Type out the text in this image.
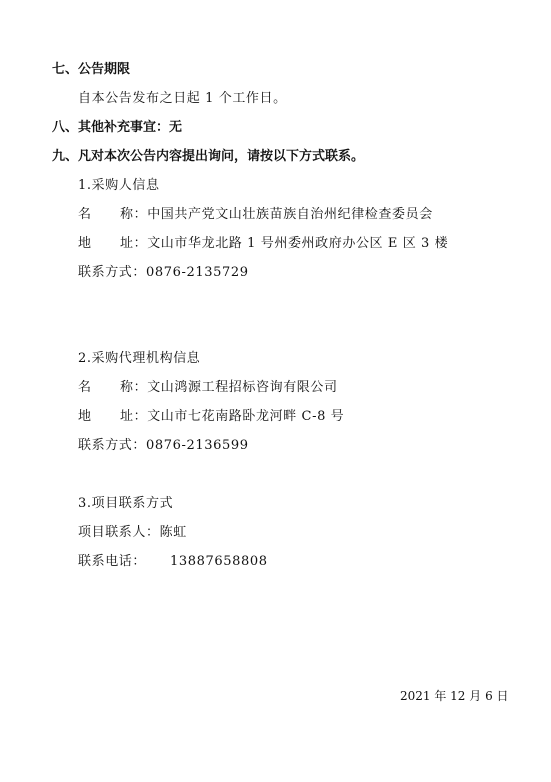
七、公告期限
自本公告发布之日起 1 个工作日。
八、其他补充事宜：无
九、凡对本次公告内容提出询问，请按以下方式联系。
1.采购人信息
名 称：中国共产党文山壮族苗族自治州纪律检查委员会
地 址：文山市华龙北路 1 号州委州政府办公区 E 区 3 楼
联系方式：0876-2135729
2.采购代理机构信息
名 称：文山鸿源工程招标咨询有限公司
地 址：文山市七花南路卧龙河畔 C-8 号
联系方式：0876-2136599
3.项目联系方式
项目联系人：陈虹
联系电话： 13887658808
2021 年 12 月 6 日
